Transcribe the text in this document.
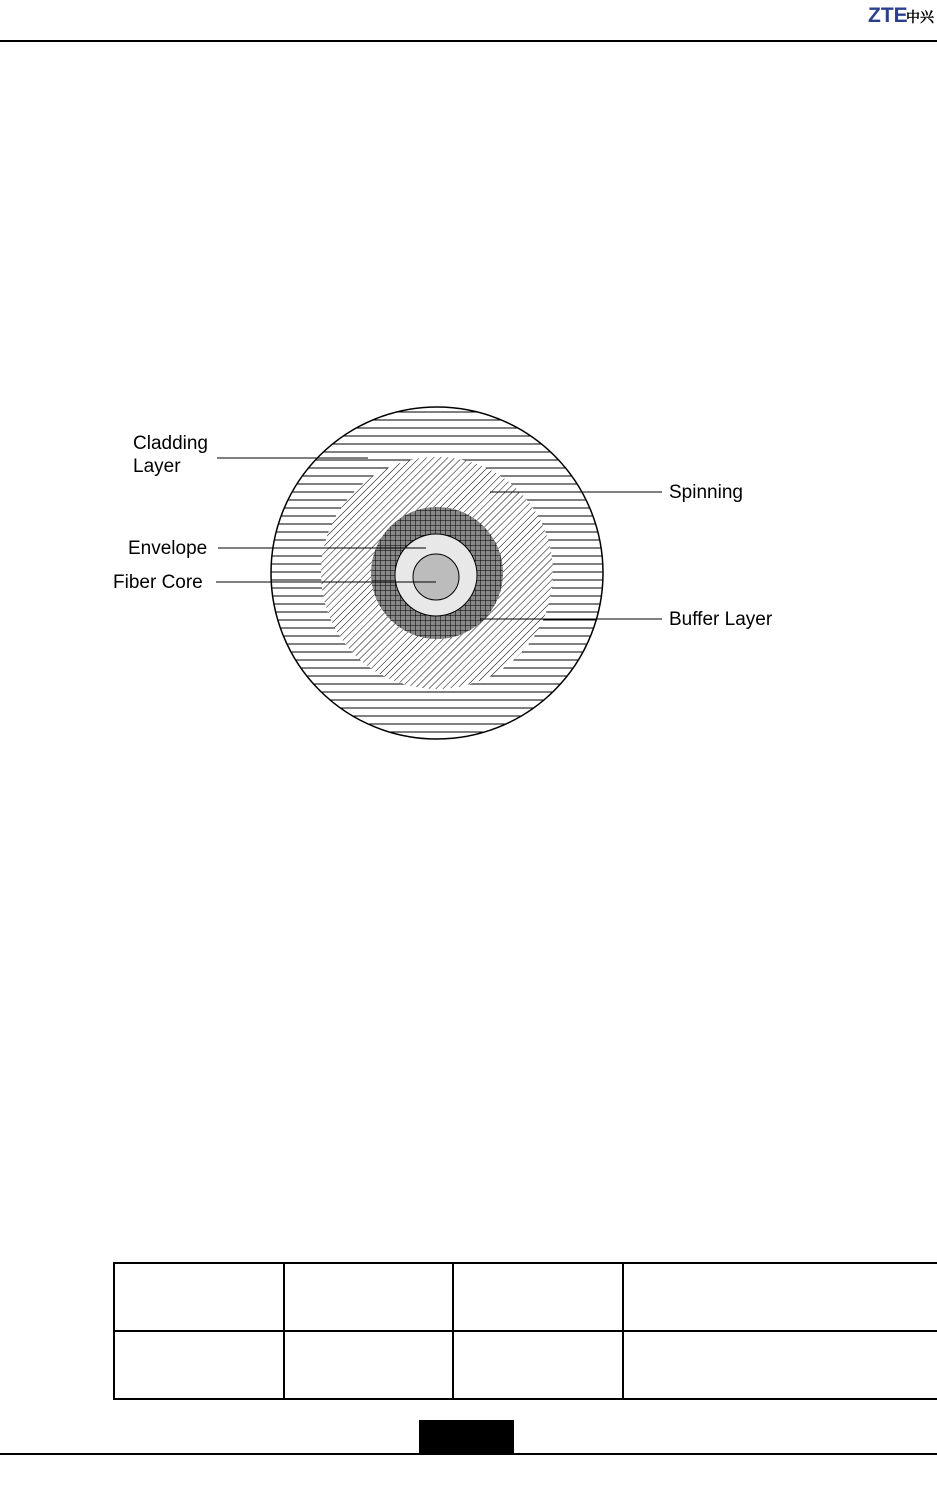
ZTE
中兴
Cladding
Layer
Envelope
Fiber Core
Spinning
Buffer Layer
